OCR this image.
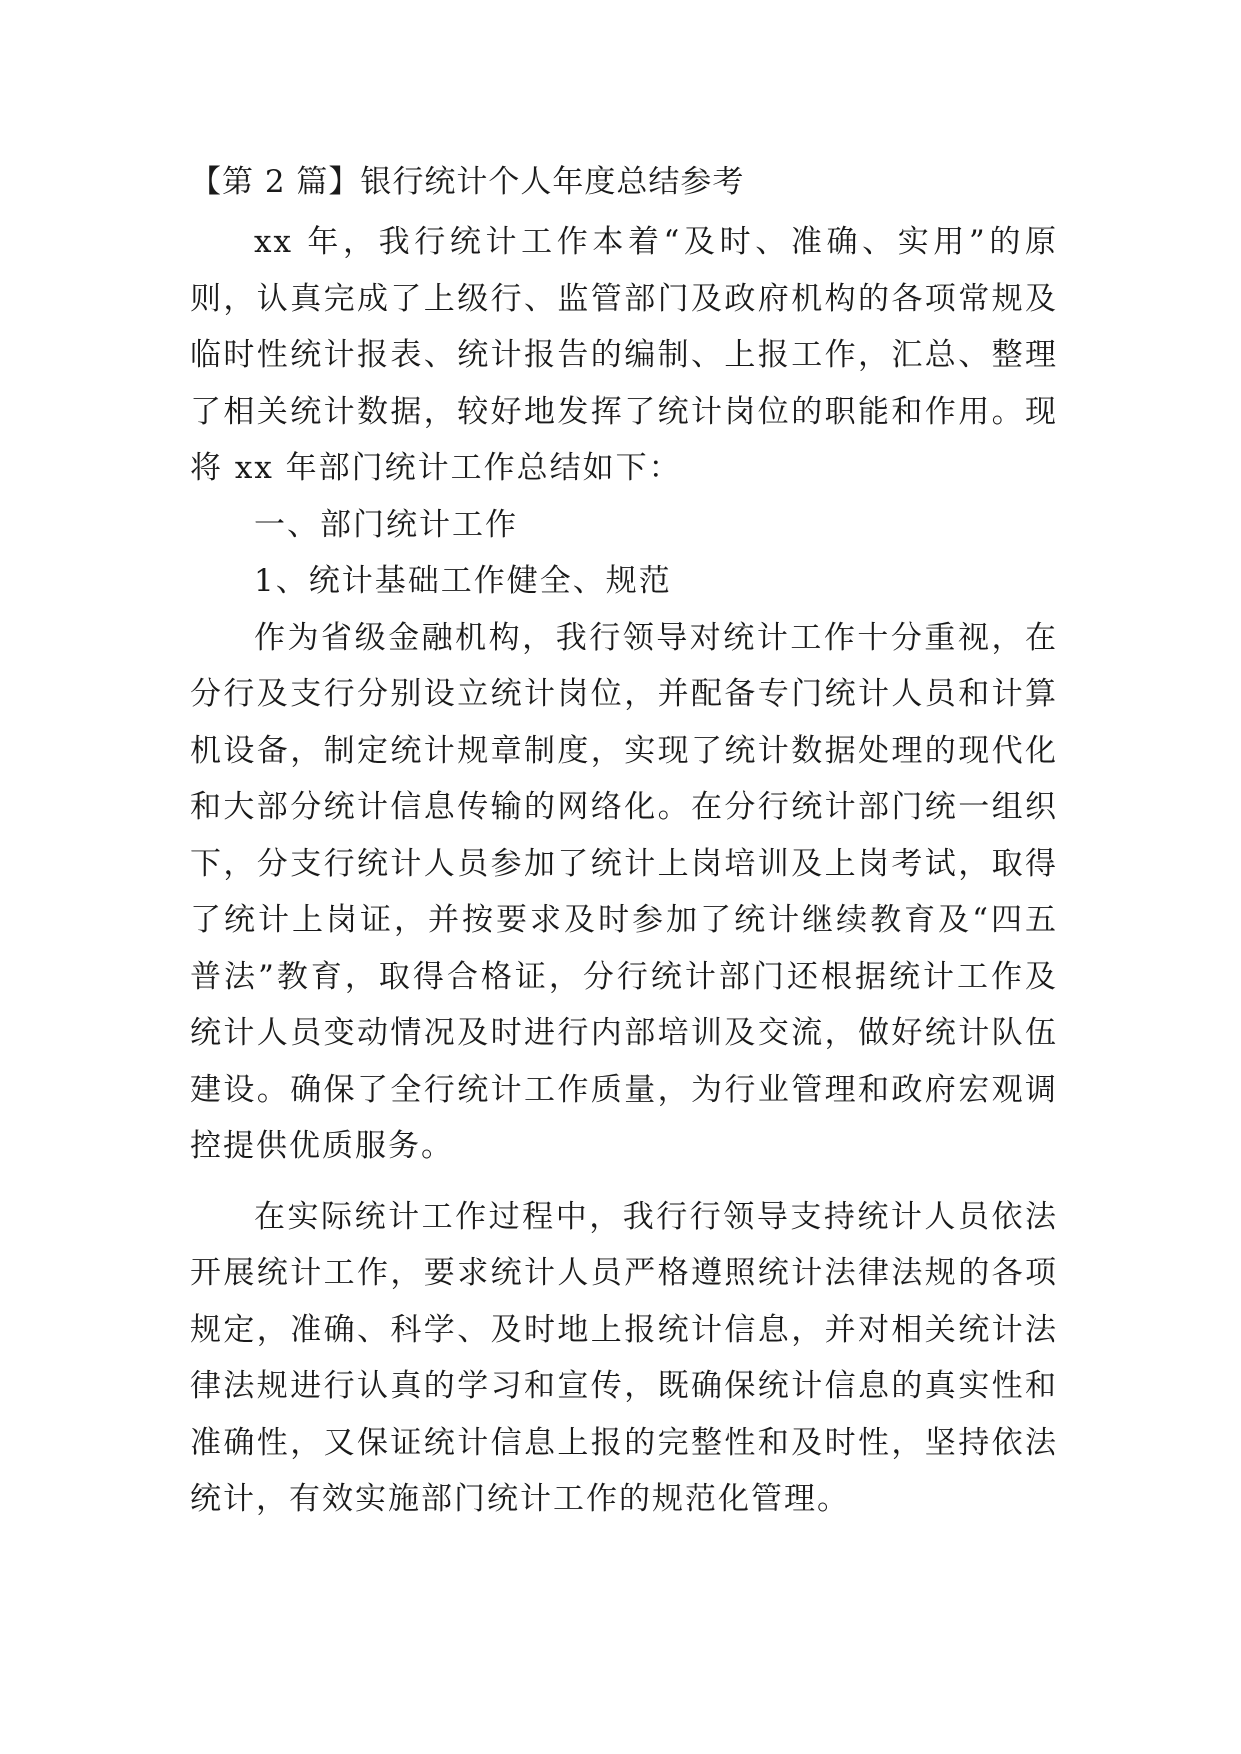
【第 2 篇】银行统计个人年度总结参考

xx 年，我行统计工作本着“及时、准确、实用”的原则，认真完成了上级行、监管部门及政府机构的各项常规及临时性统计报表、统计报告的编制、上报工作，汇总、整理了相关统计数据，较好地发挥了统计岗位的职能和作用。现将 xx 年部门统计工作总结如下：

一、部门统计工作

1、统计基础工作健全、规范

作为省级金融机构，我行领导对统计工作十分重视，在分行及支行分别设立统计岗位，并配备专门统计人员和计算机设备，制定统计规章制度，实现了统计数据处理的现代化和大部分统计信息传输的网络化。在分行统计部门统一组织下，分支行统计人员参加了统计上岗培训及上岗考试，取得了统计上岗证，并按要求及时参加了统计继续教育及“四五普法”教育，取得合格证，分行统计部门还根据统计工作及统计人员变动情况及时进行内部培训及交流，做好统计队伍建设。确保了全行统计工作质量，为行业管理和政府宏观调控提供优质服务。

在实际统计工作过程中，我行行领导支持统计人员依法开展统计工作，要求统计人员严格遵照统计法律法规的各项规定，准确、科学、及时地上报统计信息，并对相关统计法律法规进行认真的学习和宣传，既确保统计信息的真实性和准确性，又保证统计信息上报的完整性和及时性，坚持依法统计，有效实施部门统计工作的规范化管理。
